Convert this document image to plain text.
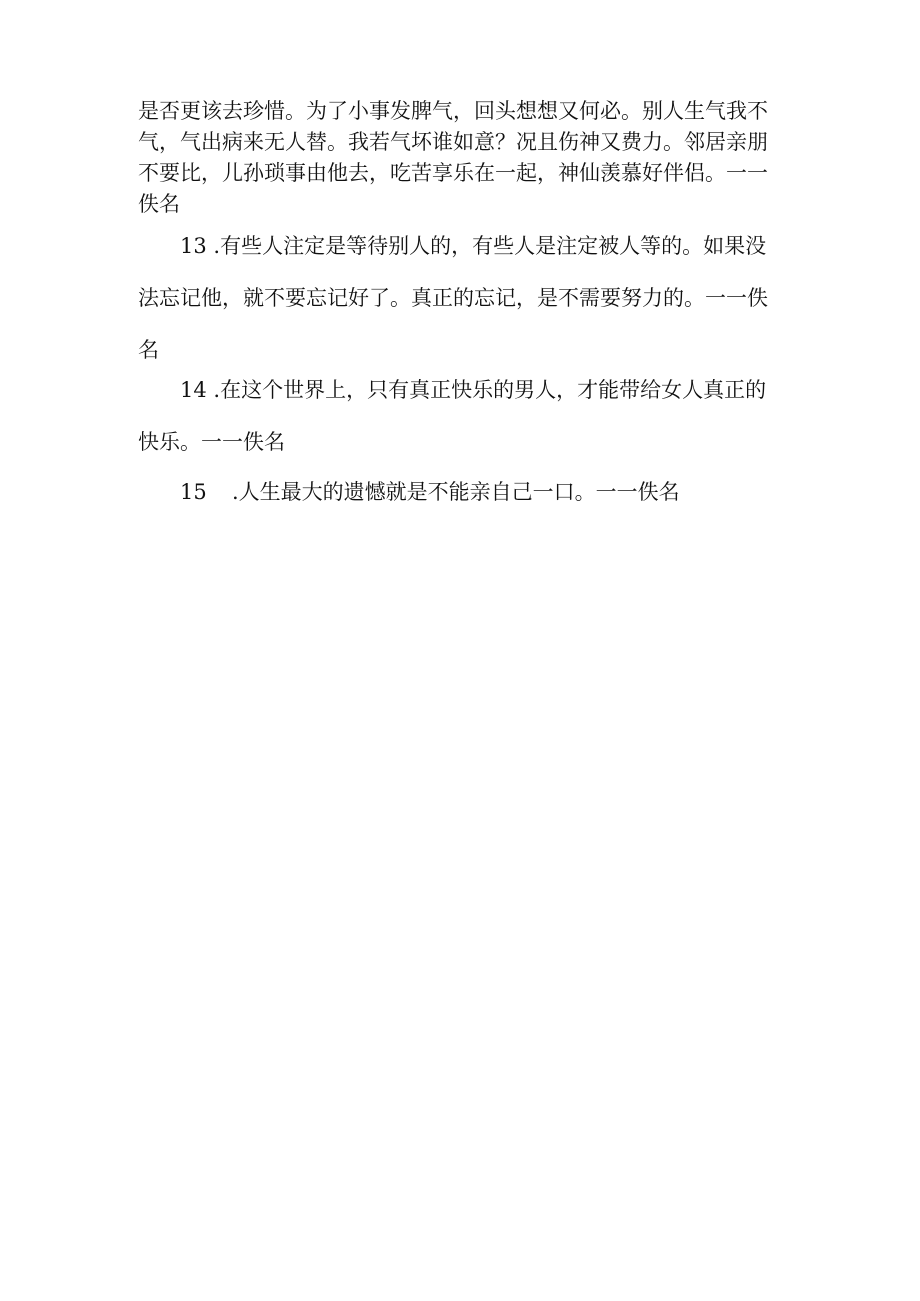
是否更该去珍惜。为了小事发脾气，回头想想又何必。别人生气我不
气，气出病来无人替。我若气坏谁如意？况且伤神又费力。邻居亲朋
不要比，儿孙琐事由他去，吃苦享乐在一起，神仙羡慕好伴侣。一一
佚名
13 .有些人注定是等待别人的，有些人是注定被人等的。如果没
法忘记他，就不要忘记好了。真正的忘记，是不需要努力的。一一佚
名
14 .在这个世界上，只有真正快乐的男人，才能带给女人真正的
快乐。一一佚名
15 .人生最大的遗憾就是不能亲自己一口。一一佚名
